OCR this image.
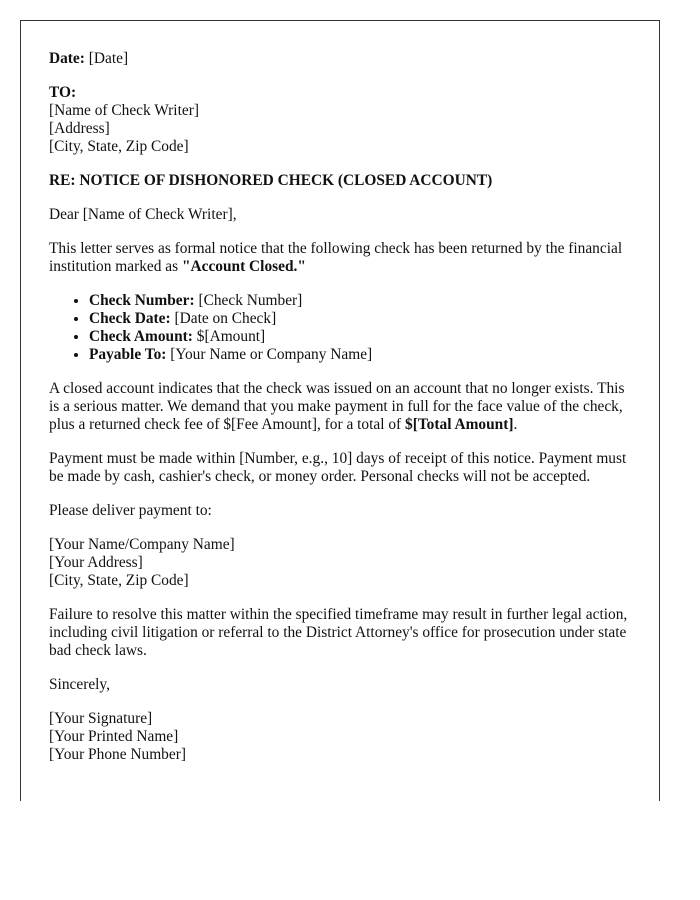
Date: [Date]

TO:
[Name of Check Writer]
[Address]
[City, State, Zip Code]

RE: NOTICE OF DISHONORED CHECK (CLOSED ACCOUNT)

Dear [Name of Check Writer],

This letter serves as formal notice that the following check has been returned by the financial institution marked as "Account Closed."

• Check Number: [Check Number]
• Check Date: [Date on Check]
• Check Amount: $[Amount]
• Payable To: [Your Name or Company Name]

A closed account indicates that the check was issued on an account that no longer exists. This is a serious matter. We demand that you make payment in full for the face value of the check, plus a returned check fee of $[Fee Amount], for a total of $[Total Amount].

Payment must be made within [Number, e.g., 10] days of receipt of this notice. Payment must be made by cash, cashier's check, or money order. Personal checks will not be accepted.

Please deliver payment to:

[Your Name/Company Name]
[Your Address]
[City, State, Zip Code]

Failure to resolve this matter within the specified timeframe may result in further legal action, including civil litigation or referral to the District Attorney's office for prosecution under state bad check laws.

Sincerely,

[Your Signature]
[Your Printed Name]
[Your Phone Number]
